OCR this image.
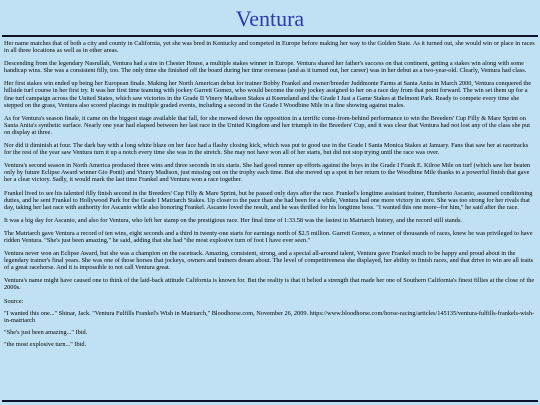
Ventura

Her name matches that of both a city and county in California, yet she was bred in Kentucky and competed in Europe before making her way to the Golden State. As it turned out, she would win or place in races in all three locations as well as in other areas.

Descending from the legendary Nasrullah, Ventura had a sire in Chester House, a multiple stakes winner in Europe. Ventura shared her father's success on that continent, getting a stakes win along with some handicap wins. She was a consistent filly, too. The only time she finished off the board during her time overseas (and as it turned out, her career) was in her debut as a two-year-old. Clearly, Ventura had class.

Her first stakes win ended up being her European finale. Making her North American debut for trainer Bobby Frankel and owner/breeder Juddmonte Farms at Santa Anita in March 2000, Ventura conquered the hillside turf course in her first try. It was her first time teaming with jockey Garrett Gomez, who would become the only jockey assigned to her on a race day from that point forward. The win set them up for a fine turf campaign across the United States, which saw victories in the Grade II Vinery Madison Stakes at Keeneland and the Grade I Just a Game Stakes at Belmont Park. Ready to compete every time she stepped on the grass, Ventura also scored placings in multiple graded events, including a second in the Grade I Woodbine Mile in a fine showing against males.

As for Ventura's season finale, it came on the biggest stage available that fall, for she mowed down the opposition in a terrific come-from-behind performance to win the Breeders' Cup Filly & Mare Sprint on Santa Anita's synthetic surface. Nearly one year had elapsed between her last race in the United Kingdom and her triumph in the Breeders' Cup, and it was clear that Ventura had not lost any of the class she put on display at three.

Nor did it diminish at four. The dark bay with a long white blaze on her face had a flashy closing kick, which was put to good use in the Grade I Santa Monica Stakes at January. Fans that saw her at racetracks for the rest of the year saw Ventura turn it up a notch every time she was in the stretch. She may not have won all of her starts, but did not stop trying until the race was over.

Ventura's second season in North America produced three wins and three seconds in six starts. She had good runner up efforts against the boys in the Grade I Frank E. Kilroe Mile on turf (which saw her beaten only by future Eclipse Award winner Gio Ponti) and Vinery Madison, just missing out on the trophy each time. But she moved up a spot in her return to the Woodbine Mile thanks to a powerful finish that gave her a clear victory. Sadly, it would mark the last time Frankel and Ventura won a race together.

Frankel lived to see his talented filly finish second in the Breeders' Cup Filly & Mare Sprint, but he passed only days after the race. Frankel's longtime assistant trainer, Humberto Ascanio, assumed conditioning duties, and he sent Frankel to Hollywood Park for the Grade I Matriarch Stakes. Up closer to the pace than she had been for a while, Ventura had one more victory in store. She was too strong for her rivals that day, taking her last race with authority for Ascanio while also honoring Frankel. Ascanio loved the result, and he was thrilled for his longtime boss. "I wanted this one more--for him," he said after the race.

It was a big day for Ascanio, and also for Ventura, who left her stamp on the prestigious race. Her final time of 1:33.58 was the fastest in Matriarch history, and the record still stands.

The Matriarch gave Ventura a record of ten wins, eight seconds and a third in twenty-one starts for earnings north of $2.5 million. Garrett Gomez, a winner of thousands of races, knew he was privileged to have ridden Ventura. "She's just been amazing," he said, adding that she had "the most explosive turn of foot I have ever seen."

Ventura never won an Eclipse Award, but she was a champion on the racetrack. Amazing, consistent, strong, and a special all-around talent, Ventura gave Frankel much to be happy and proud about in the legendary trainer's final years. She was one of those horses that jockeys, owners and trainers dream about. The level of competitiveness she displayed, her ability to finish races, and that drive to win are all traits of a great racehorse. And it is impossible to not call Ventura great.

Ventura's name might have caused one to think of the laid-back attitude California is known for. But the reality is that it belied a strength that made her one of Southern California's finest fillies at the close of the 2000s.

Source:

"I wanted this one..." Shinar, Jack. "Ventura Fulfills Frankel's Wish in Matriarch," Bloodhorse.com, November 26, 2009. https://www.bloodhorse.com/horse-racing/articles/145135/ventura-fulfills-frankels-wish-in-matriarch

"She's just been amazing..." Ibid.

"the most explosive turn..." Ibid.
